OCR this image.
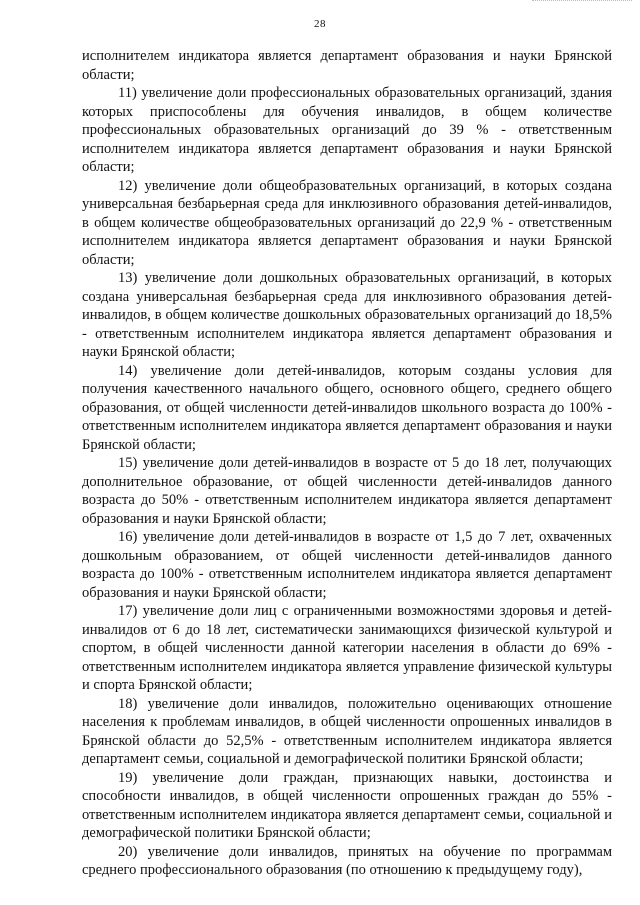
28

исполнителем индикатора является департамент образования и науки Брянской области;

11) увеличение доли профессиональных образовательных организаций, здания которых приспособлены для обучения инвалидов, в общем количестве профессиональных образовательных организаций до 39 % - ответственным исполнителем индикатора является департамент образования и науки Брянской области;

12) увеличение доли общеобразовательных организаций, в которых создана универсальная безбарьерная среда для инклюзивного образования детей-инвалидов, в общем количестве общеобразовательных организаций до 22,9 % - ответственным исполнителем индикатора является департамент образования и науки Брянской области;

13) увеличение доли дошкольных образовательных организаций, в которых создана универсальная безбарьерная среда для инклюзивного образования детей-инвалидов, в общем количестве дошкольных образовательных организаций до 18,5% - ответственным исполнителем индикатора является департамент образования и науки Брянской области;

14) увеличение доли детей-инвалидов, которым созданы условия для получения качественного начального общего, основного общего, среднего общего образования, от общей численности детей-инвалидов школьного возраста до 100% - ответственным исполнителем индикатора является департамент образования и науки Брянской области;

15) увеличение доли детей-инвалидов в возрасте от 5 до 18 лет, получающих дополнительное образование, от общей численности детей-инвалидов данного возраста до 50% - ответственным исполнителем индикатора является департамент образования и науки Брянской области;

16) увеличение доли детей-инвалидов в возрасте от 1,5 до 7 лет, охваченных дошкольным образованием, от общей численности детей-инвалидов данного возраста до 100% - ответственным исполнителем индикатора является департамент образования и науки Брянской области;

17) увеличение доли лиц с ограниченными возможностями здоровья и детей-инвалидов от 6 до 18 лет, систематически занимающихся физической культурой и спортом, в общей численности данной категории населения в области до 69% - ответственным исполнителем индикатора является управление физической культуры и спорта Брянской области;

18) увеличение доли инвалидов, положительно оценивающих отношение населения к проблемам инвалидов, в общей численности опрошенных инвалидов в Брянской области до 52,5% - ответственным исполнителем индикатора является департамент семьи, социальной и демографической политики Брянской области;

19) увеличение доли граждан, признающих навыки, достоинства и способности инвалидов, в общей численности опрошенных граждан до 55% - ответственным исполнителем индикатора является департамент семьи, социальной и демографической политики Брянской области;

20) увеличение доли инвалидов, принятых на обучение по программам среднего профессионального образования (по отношению к предыдущему году),
